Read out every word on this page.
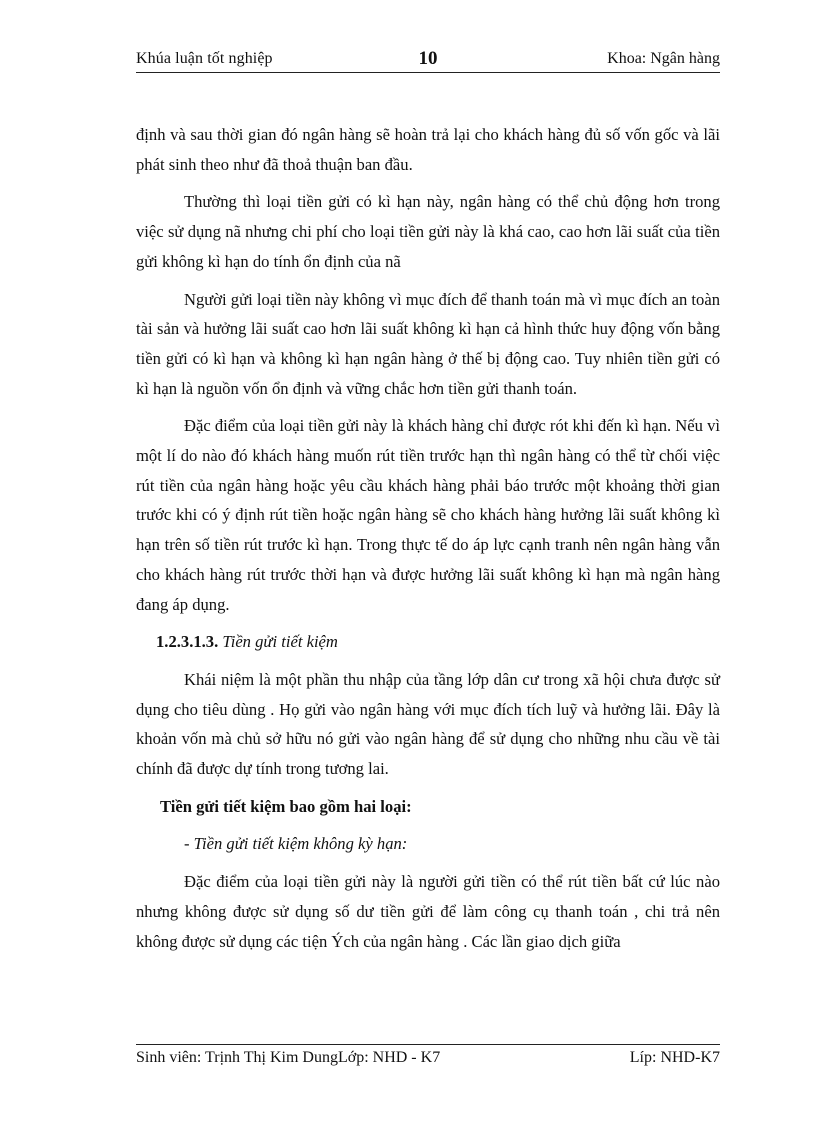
Khúa luận tốt nghiệp	10	Khoa: Ngân hàng

định và sau thời gian đó ngân hàng sẽ hoàn trả lại cho khách hàng đủ số vốn gốc và lãi phát sinh theo như đã thoả thuận ban đầu.

Thường thì loại tiền gửi có kì hạn này, ngân hàng có thể chủ động hơn trong việc sử dụng nã nhưng chi phí cho loại tiền gửi này là khá cao, cao hơn lãi suất của tiền gửi không kì hạn do tính ổn định của nã

Người gửi loại tiền này không vì mục đích để thanh toán mà vì mục đích an toàn tài sản và hưởng lãi suất cao hơn lãi suất không kì hạn cả hình thức huy động vốn bằng tiền gửi có kì hạn và không kì hạn ngân hàng ở thế bị động cao. Tuy nhiên tiền gửi có kì hạn là nguồn vốn ổn định và vững chắc hơn tiền gửi thanh toán.

Đặc điểm của loại tiền gửi này là khách hàng chỉ được rót khi đến kì hạn. Nếu vì một lí do nào đó khách hàng muốn rút tiền trước hạn thì ngân hàng có thể từ chối việc rút tiền của ngân hàng hoặc yêu cầu khách hàng phải báo trước một khoảng thời gian trước khi có ý định rút tiền hoặc ngân hàng sẽ cho khách hàng hưởng lãi suất không kì hạn trên số tiền rút trước kì hạn. Trong thực tế do áp lực cạnh tranh nên ngân hàng vẫn cho khách hàng rút trước thời hạn và được hưởng lãi suất không kì hạn mà ngân hàng đang áp dụng.

1.2.3.1.3. Tiền gửi tiết kiệm

Khái niệm là một phần thu nhập của tầng lớp dân cư trong xã hội chưa được sử dụng cho tiêu dùng . Họ gửi vào ngân hàng với mục đích tích luỹ và hưởng lãi. Đây là khoản vốn mà chủ sở hữu nó gửi vào ngân hàng để sử dụng cho những nhu cầu về tài chính đã được dự tính trong tương lai.

Tiền gửi tiết kiệm bao gồm hai loại:
- Tiền gửi tiết kiệm không kỳ hạn:

Đặc điểm của loại tiền gửi này là người gửi tiền có thể rút tiền bất cứ lúc nào nhưng không được sử dụng số dư tiền gửi để làm công cụ thanh toán , chi trả nên không được sử dụng các tiện Ých của ngân hàng . Các lần giao dịch giữa

Sinh viên: Trịnh Thị Kim DungLớp: NHD - K7	Líp: NHD-K7
